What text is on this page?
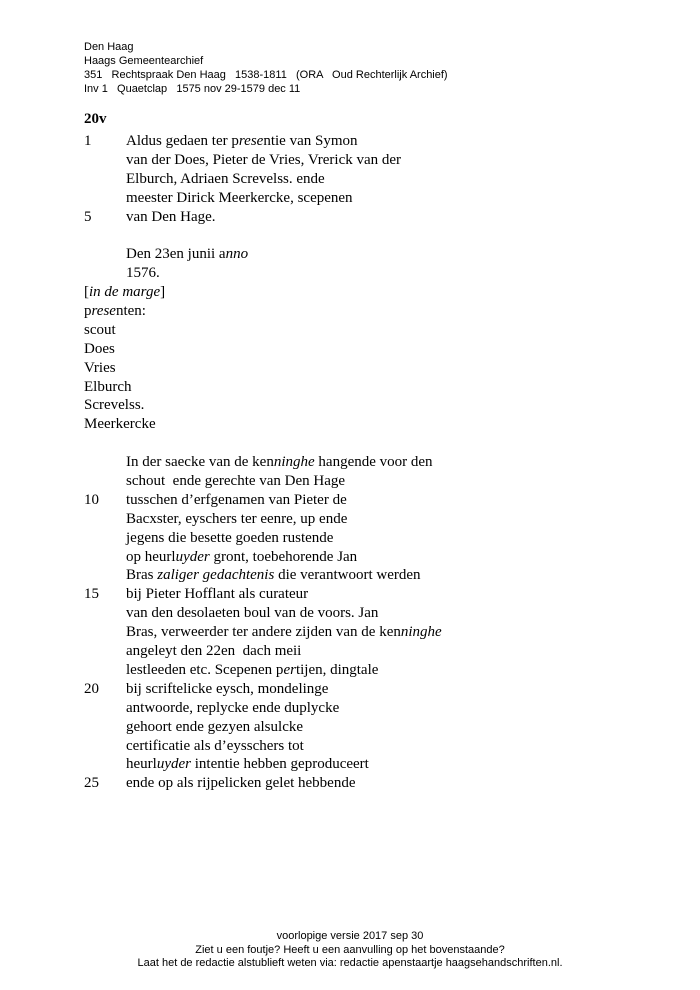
Den Haag
Haags Gemeentearchief
351   Rechtspraak Den Haag   1538-1811   (ORA   Oud Rechterlijk Archief)
Inv 1   Quaetclap   1575 nov 29-1579 dec 11
20v
1	Aldus gedaen ter presentie van Symon
van der Does, Pieter de Vries, Vrerick van der
Elburch, Adriaen Screvelss. ende
meester Dirick Meerkercke, scepenen
5	van Den Hage.
Den 23en junii anno
1576.
[in de marge]
presenten:
scout
Does
Vries
Elburch
Screvelss.
Meerkercke
In der saecke van de kenninghe hangende voor den
schout  ende gerechte van Den Hage
10	tusschen d’erfgenamen van Pieter de
Bacxster, eyschers ter eenre, up ende
jegens die besette goeden rustende
op heurluyder gront, toebehorende Jan
Bras zaliger gedachtenis die verantwoort werden
15	bij Pieter Hofflant als curateur
van den desolaeten boul van de voors. Jan
Bras, verweerder ter andere zijden van de kenninghe
angeleyt den 22en  dach meii
lestleeden etc. Scepenen pertijen, dingtale
20	bij scriftelicke eysch, mondelinge
antwoorde, replycke ende duplycke
gehoort ende gezyen alsulcke
certificatie als d’eysschers tot
heurluyder intentie hebben geproduceert
25	ende op als rijpelicken gelet hebbende
voorlopige versie 2017 sep 30
Ziet u een foutje? Heeft u een aanvulling op het bovenstaande?
Laat het de redactie alstublieft weten via: redactie apenstaartje haagsehandschriften.nl.
